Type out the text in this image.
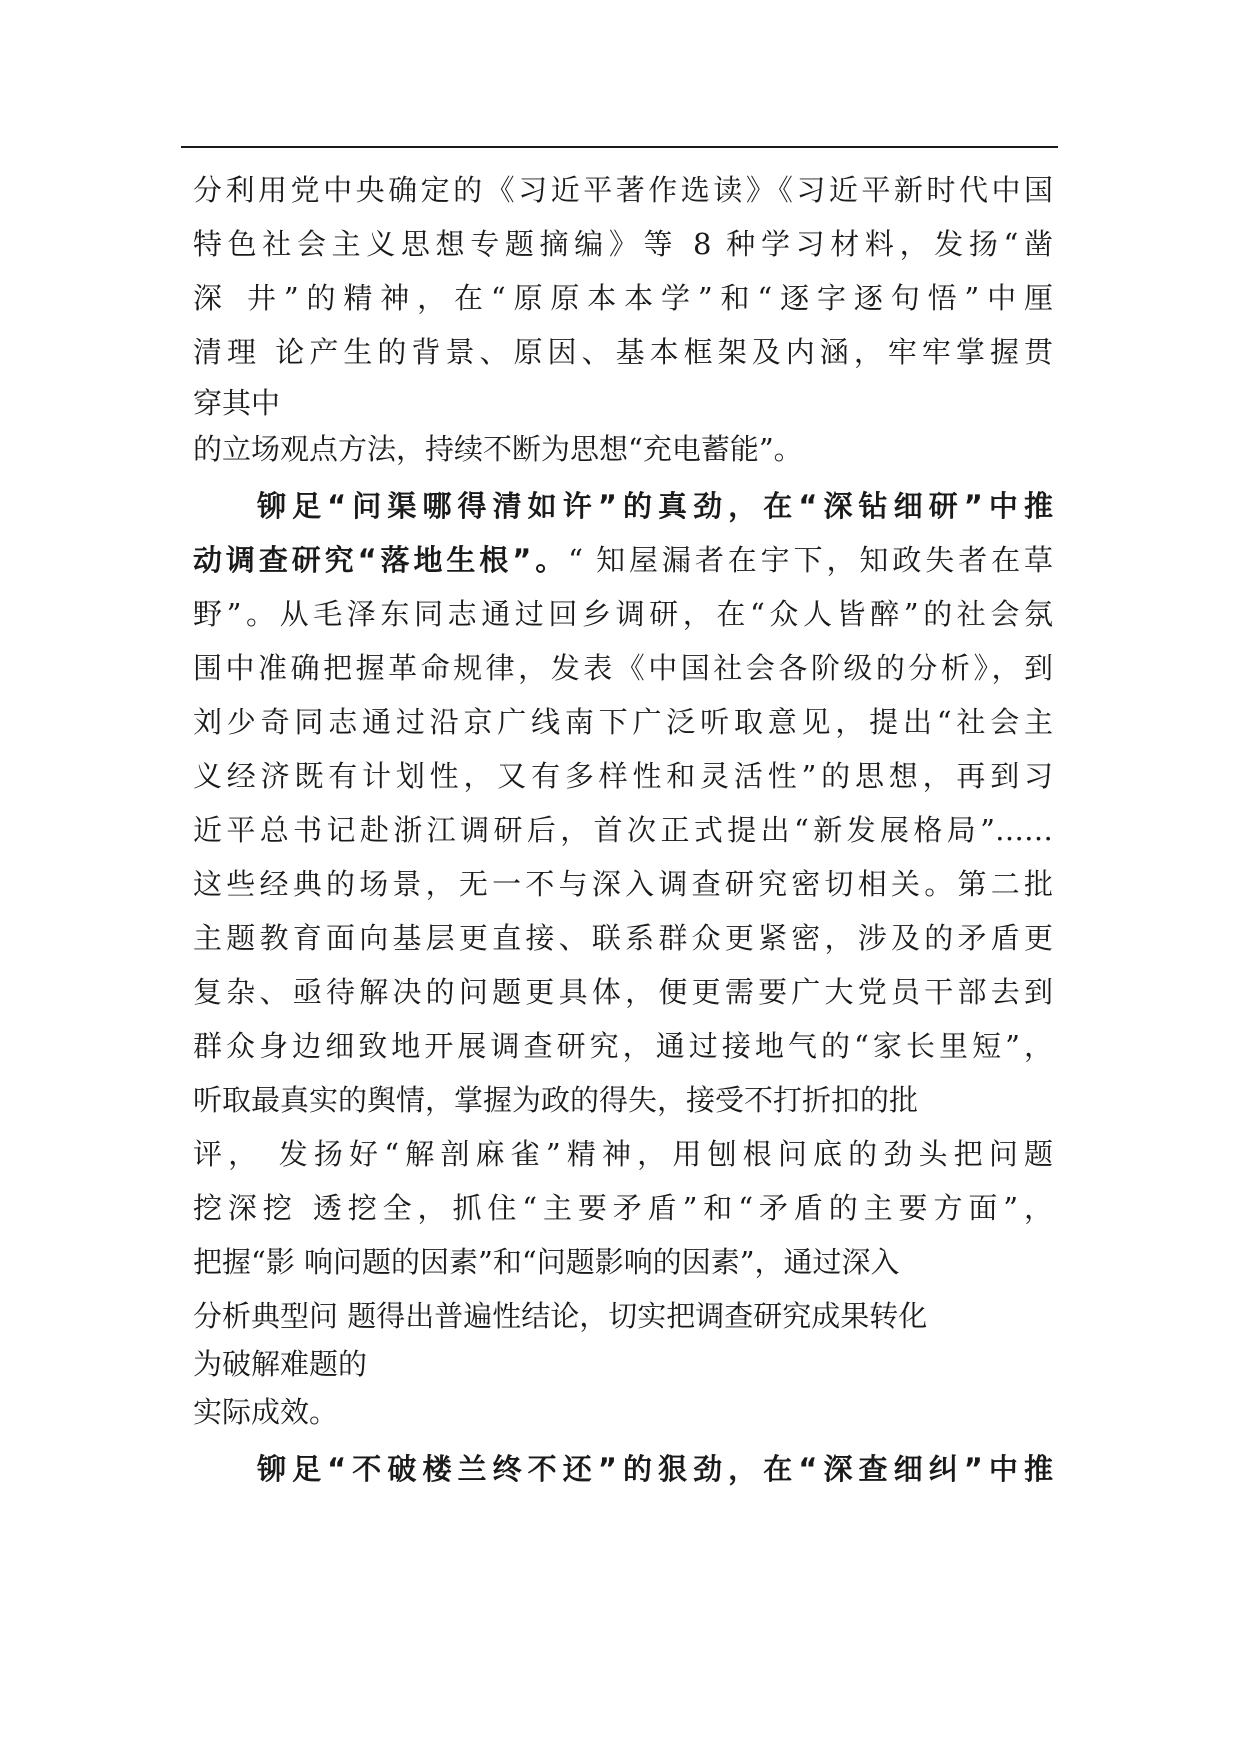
分利用党中央确定的《习近平著作选读》《习近平新时代中国
特色社会主义思想专题摘编》等 8 种学习材料，发扬“凿
深 井”的精神，在“原原本本学”和“逐字逐句悟”中厘
清理 论产生的背景、原因、基本框架及内涵，牢牢掌握贯
穿其中
的立场观点方法，持续不断为思想“充电蓄能”。
铆足“问渠哪得清如许”的真劲，在“深钻细研”中推
动调查研究“落地生根”。“ 知屋漏者在宇下，知政失者在草
野”。从毛泽东同志通过回乡调研，在“众人皆醉”的社会氛
围中准确把握革命规律，发表《中国社会各阶级的分析》，到
刘少奇同志通过沿京广线南下广泛听取意见，提出“社会主
义经济既有计划性，又有多样性和灵活性”的思想，再到习
近平总书记赴浙江调研后，首次正式提出“新发展格局”……
这些经典的场景，无一不与深入调查研究密切相关。第二批
主题教育面向基层更直接、联系群众更紧密，涉及的矛盾更
复杂、亟待解决的问题更具体，便更需要广大党员干部去到
群众身边细致地开展调查研究，通过接地气的“家长里短”，
听取最真实的舆情，掌握为政的得失，接受不打折扣的批
评， 发扬好“解剖麻雀”精神，用刨根问底的劲头把问题
挖深挖 透挖全，抓住“主要矛盾”和“矛盾的主要方面”，
把握“影 响问题的因素”和“问题影响的因素”，通过深入
分析典型问 题得出普遍性结论，切实把调查研究成果转化
为破解难题的
实际成效。
铆足“不破楼兰终不还”的狠劲，在“深查细纠”中推
